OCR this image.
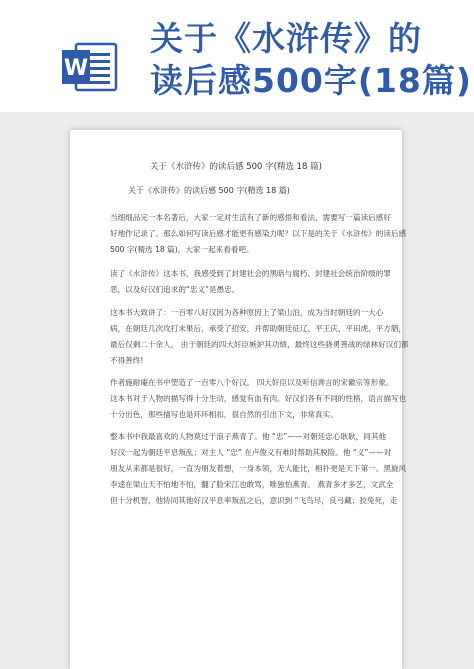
W
关于《水浒传》的
读后感500字(18篇)
关于《水浒传》的读后感 500 字(精选 18 篇)
关于《水浒传》的读后感 500 字(精选 18 篇)
当细细品完一本名著后，大家一定对生活有了新的感悟和看法，需要写一篇读后感好
好地作记录了。那么如何写读后感才能更有感染力呢？以下是的关于《水浒传》的读后感
500 字(精选 18 篇)，大家一起来看看吧。
读了《水浒传》这本书，我感受到了封建社会的黑暗与腐朽、封建社会统治阶级的罪
恶，以及好汉们追求的“忠义”是愚忠。
这本书大致讲了：一百零八好汉因为各种原因上了梁山泊，成为当时朝廷的一大心
病，在朝廷几次攻打未果后，承受了招安，并帮助朝廷征辽、平王庆、平田虎、平方腊，
最后仅剩二十余人。 由于朝廷的四大奸臣嫉妒其功绩，最终这些骁勇善战的绿林好汉们都
不得善终!
作者施耐庵在书中塑造了一百零八个好汉。 四大奸臣以及听信谗言的宋徽宗等形象。
这本书对于人物的描写得十分生动，感觉有血有肉。好汉们各有不同的性格，语言描写也
十分出色，那些描写也是环环相扣，很自然的引出下文，非常真实。
整本书中我最喜欢的人物莫过于浪子燕青了。他 “忠”——对朝廷忠心耿耿，同其他
好汉一起为朝廷平息叛乱；对主人 “忠” 在卢俊义有难时帮助其脱险。他 “义”——对
朋友从来都是很好，一直为朋友着想，一身本领，无人能比，相扑更是天下第一。黑旋风
李逵在梁山天不怕地不怕，翻了脸宋江也敢骂，唯独怕燕青。 燕青多才多艺，文武全
但十分机智，他协同其他好汉平息率叛乱之后，意识到 “飞鸟尽，良弓藏；狡兔死，走
